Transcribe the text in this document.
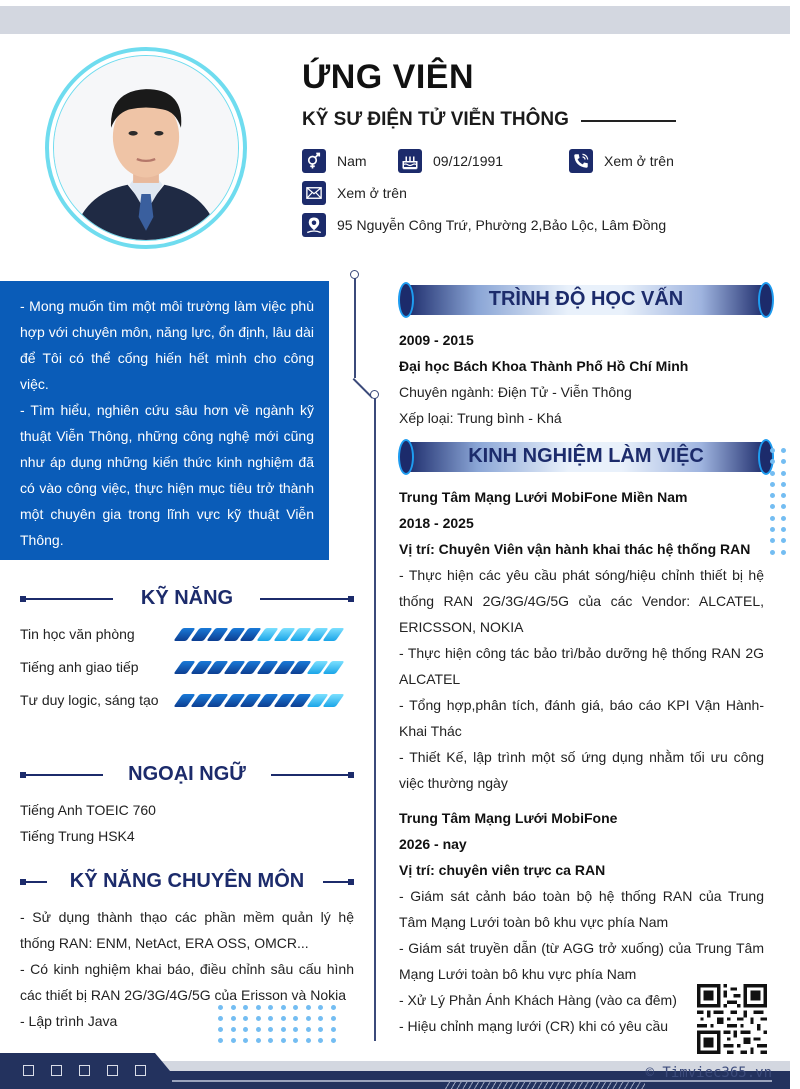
ỨNG VIÊN
KỸ SƯ ĐIỆN TỬ VIỄN THÔNG
Nam	09/12/1991	Xem ở trên
Xem ở trên
95 Nguyễn Công Trứ, Phường 2,Bảo Lộc, Lâm Đồng

- Mong muốn tìm một môi trường làm việc phù hợp với chuyên môn, năng lực, ổn định, lâu dài để Tôi có thể cống hiến hết mình cho công việc.

- Tìm hiểu, nghiên cứu sâu hơn về ngành kỹ thuật Viễn Thông, những công nghệ mới cũng như áp dụng những kiến thức kinh nghiệm đã có vào công việc, thực hiện mục tiêu trở thành một chuyên gia trong lĩnh vực kỹ thuật Viễn Thông.

KỸ NĂNG
Tin học văn phòng
Tiếng anh giao tiếp
Tư duy logic, sáng tạo
NGOẠI NGỮ
Tiếng Anh TOEIC 760
Tiếng Trung HSK4
KỸ NĂNG CHUYÊN MÔN
- Sử dụng thành thạo các phần mềm quản lý hệ thống RAN: ENM, NetAct, ERA OSS, OMCR...
- Có kinh nghiệm khai báo, điều chỉnh sâu cấu hình các thiết bị RAN 2G/3G/4G/5G của Erisson và Nokia
- Lập trình Java
TRÌNH ĐỘ HỌC VẤN

2009 - 2015

Đại học Bách Khoa Thành Phố Hồ Chí Minh

Chuyên ngành: Điện Tử - Viễn Thông

Xếp loại: Trung bình - Khá

KINH NGHIỆM LÀM VIỆC

Trung Tâm Mạng Lưới MobiFone Miền Nam

2018 - 2025

Vị trí: Chuyên Viên vận hành khai thác hệ thống RAN

- Thực hiện các yêu cầu phát sóng/hiệu chỉnh thiết bị hệ thống RAN 2G/3G/4G/5G của các Vendor: ALCATEL, ERICSSON, NOKIA

- Thực hiện công tác bảo trì/bảo dưỡng hệ thống RAN 2G ALCATEL

- Tổng hợp,phân tích, đánh giá, báo cáo KPI Vận Hành-Khai Thác

- Thiết Kế, lập trình một số ứng dụng nhằm tối ưu công việc thường ngày

Trung Tâm Mạng Lưới MobiFone

2026 - nay

Vị trí: chuyên viên trực ca RAN

- Giám sát cảnh báo toàn bộ hệ thống RAN của Trung Tâm Mạng Lưới toàn bô khu vực phía Nam

- Giám sát truyền dẫn (từ AGG trở xuống) của Trung Tâm Mạng Lưới toàn bô khu vực phía Nam

- Xử Lý Phản Ánh Khách Hàng (vào ca đêm)

- Hiệu chỉnh mạng lưới (CR) khi có yêu cầu

© Timviec365.vn
